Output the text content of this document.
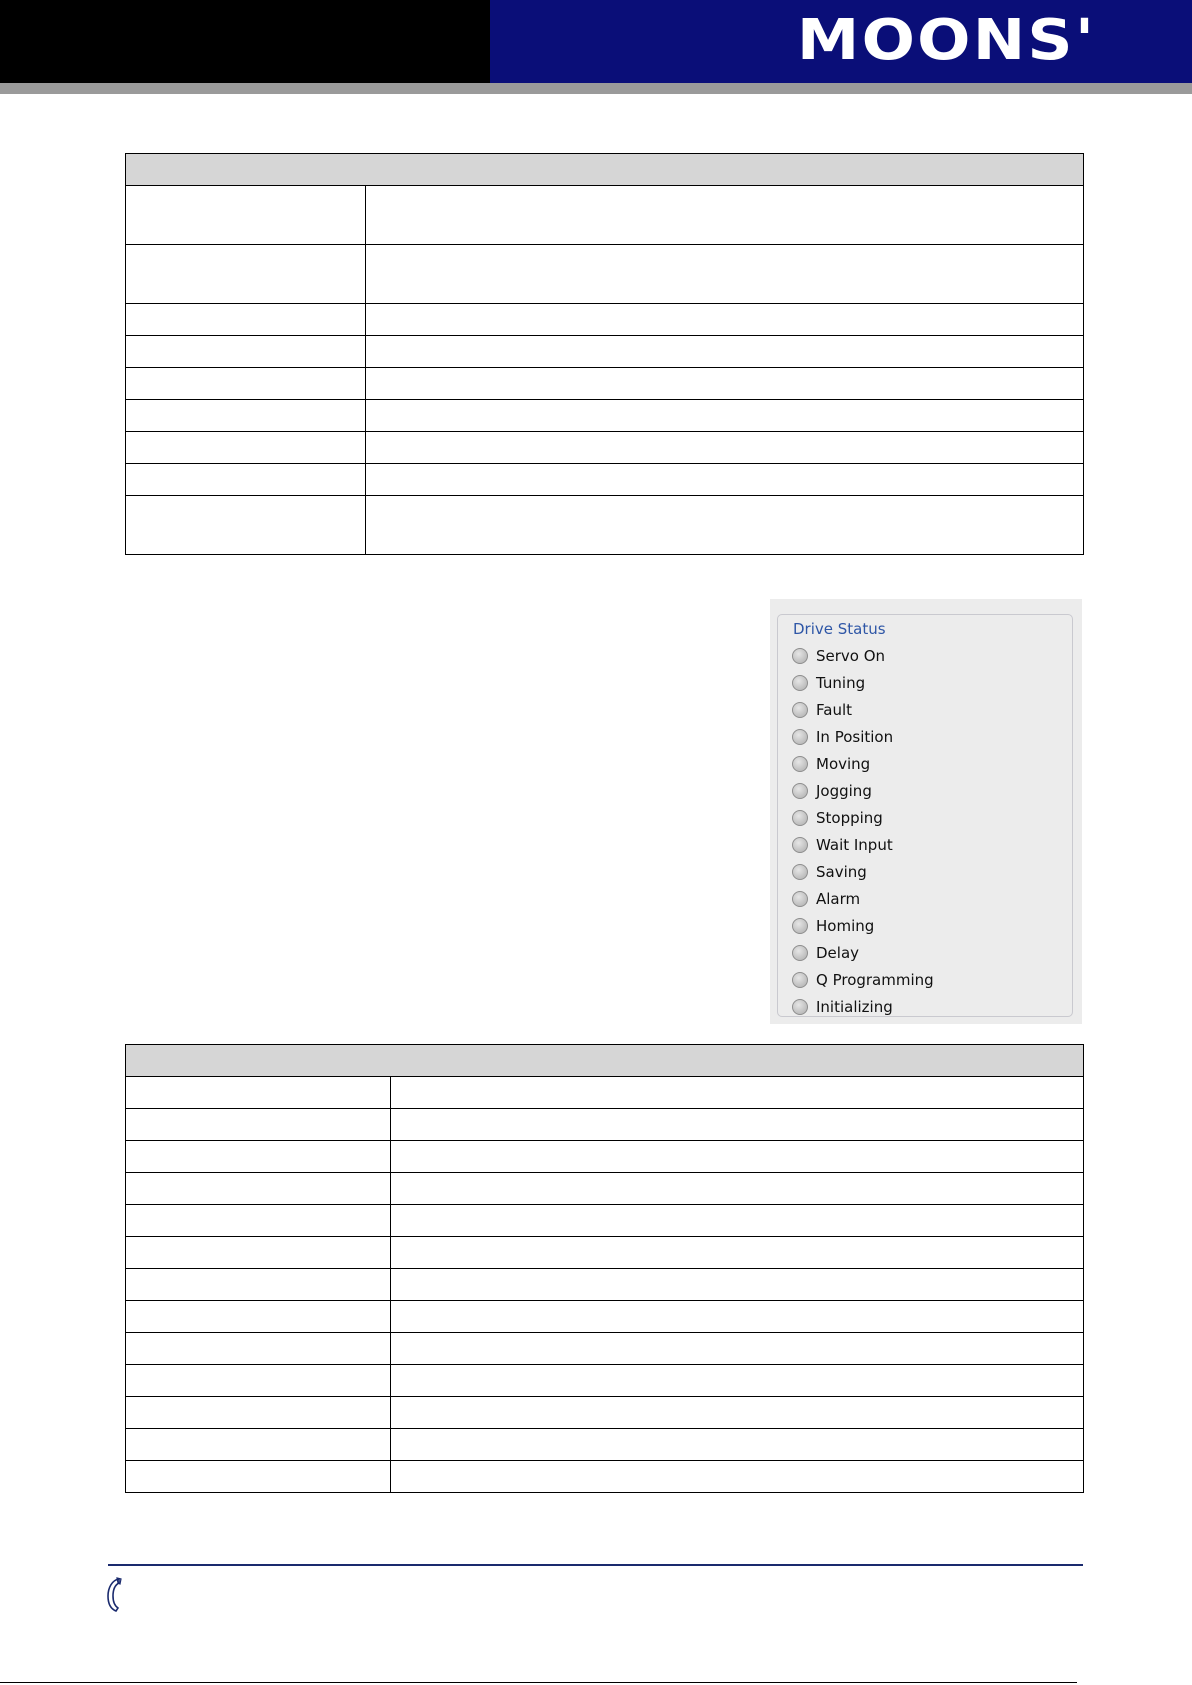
MOONS'

Drive Status
Servo On
Tuning
Fault
In Position
Moving
Jogging
Stopping
Wait Input
Saving
Alarm
Homing
Delay
Q Programming
Initializing
